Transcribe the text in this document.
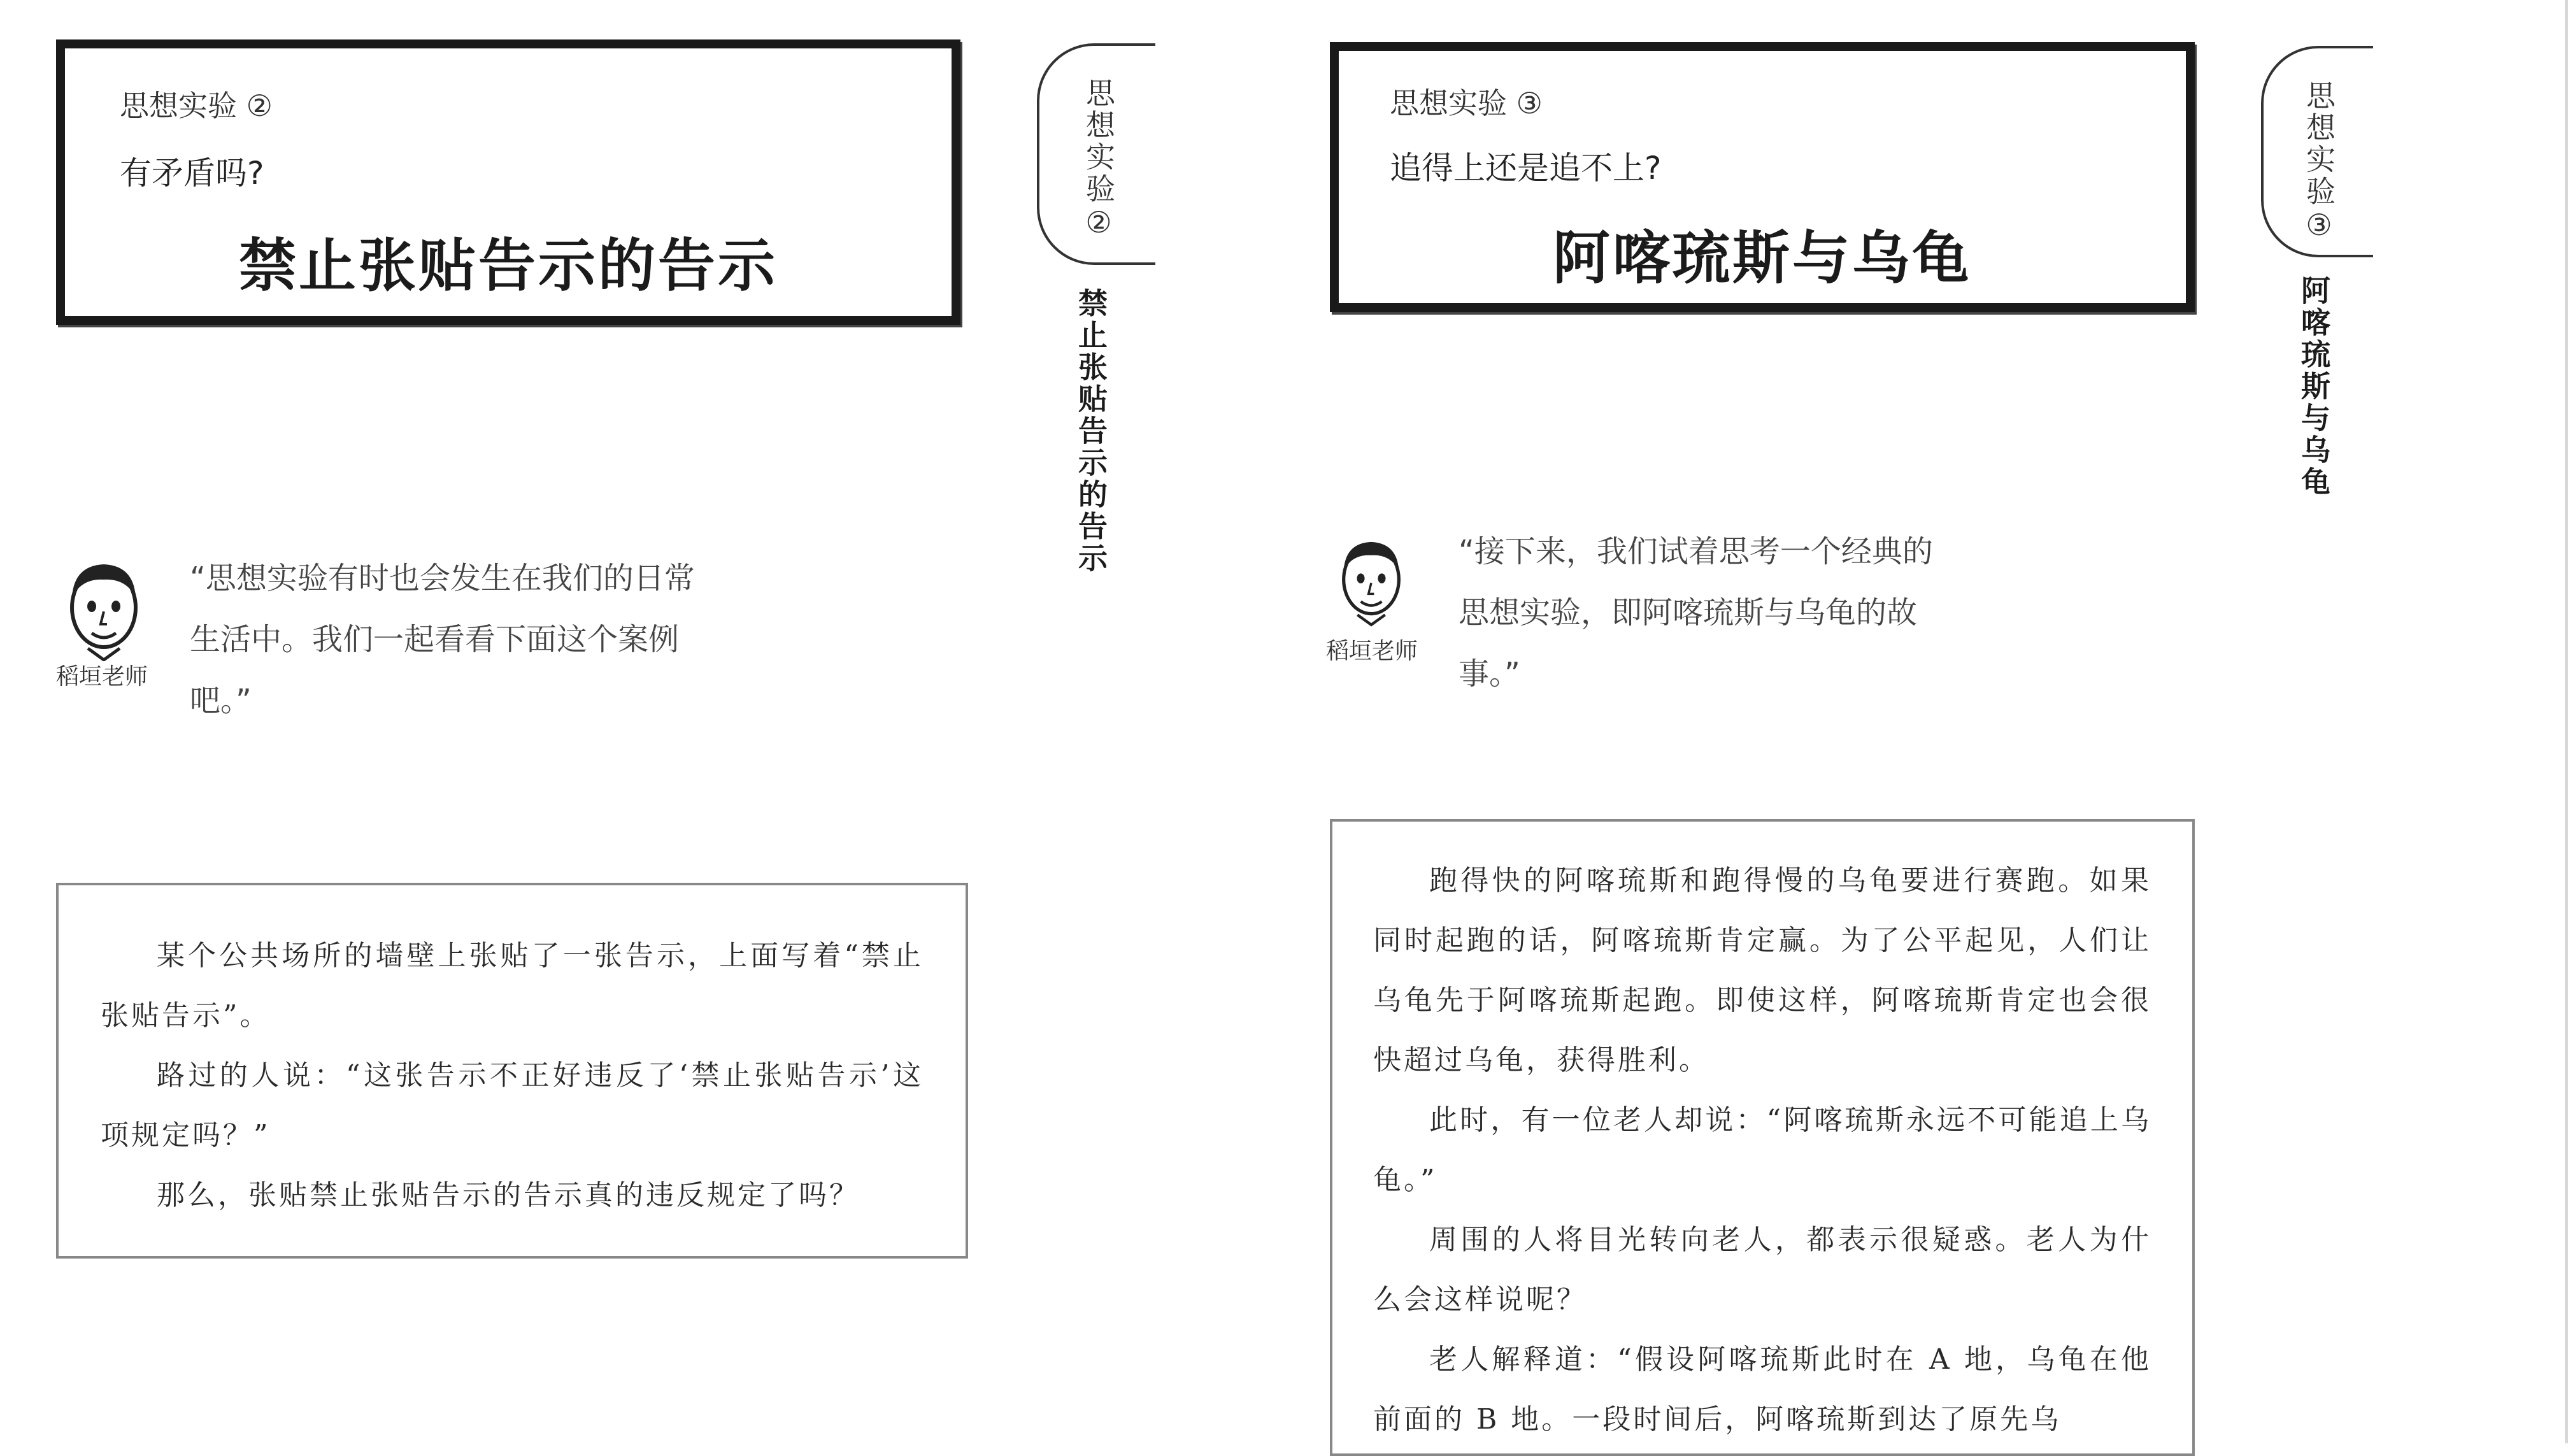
思想实验 ②
有矛盾吗?
禁止张贴告示的告示
思想实验②
禁止张贴告示的告示
稻垣老师
“思想实验有时也会发生在我们的日常生活中。我们一起看看下面这个案例吧。”

某个公共场所的墙壁上张贴了一张告示，上面写着“禁止张贴告示”。

路过的人说：“这张告示不正好违反了‘禁止张贴告示’这项规定吗？”

那么，张贴禁止张贴告示的告示真的违反规定了吗？

思想实验 ③
追得上还是追不上?
阿喀琉斯与乌龟
思想实验③
阿喀琉斯与乌龟
稻垣老师
“接下来，我们试着思考一个经典的思想实验，即阿喀琉斯与乌龟的故事。”

跑得快的阿喀琉斯和跑得慢的乌龟要进行赛跑。如果同时起跑的话，阿喀琉斯肯定赢。为了公平起见，人们让乌龟先于阿喀琉斯起跑。即使这样，阿喀琉斯肯定也会很快超过乌龟，获得胜利。

此时，有一位老人却说：“阿喀琉斯永远不可能追上乌龟。”

周围的人将目光转向老人，都表示很疑惑。老人为什么会这样说呢？

老人解释道：“假设阿喀琉斯此时在 A 地，乌龟在他前面的 B 地。一段时间后，阿喀琉斯到达了原先乌
